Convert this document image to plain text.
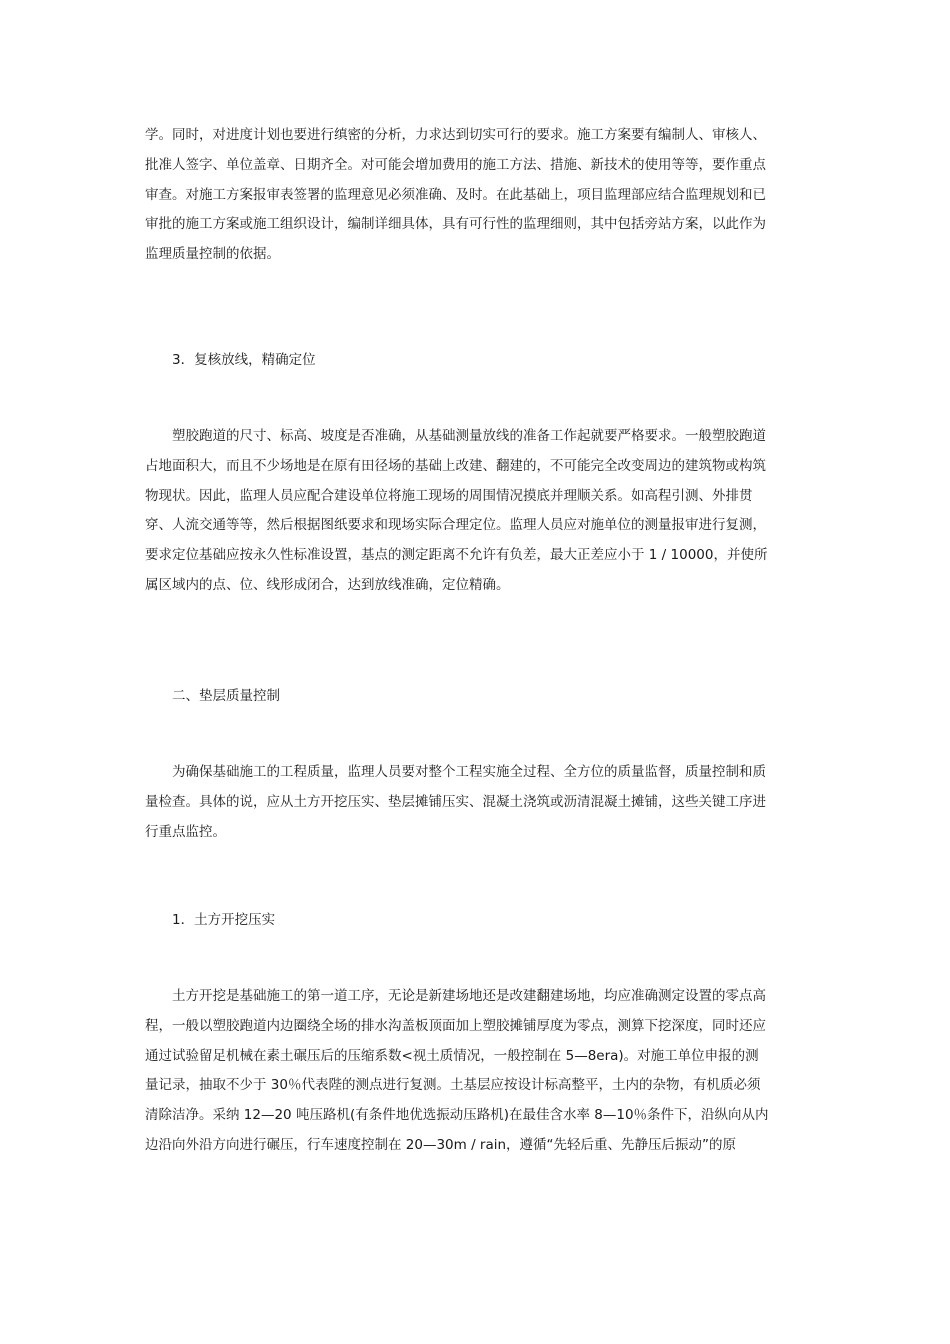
学。同时，对进度计划也要进行缜密的分析，力求达到切实可行的要求。施工方案要有编制人、审核人、

批准人签字、单位盖章、日期齐全。对可能会增加费用的施工方法、措施、新技术的使用等等，要作重点

审查。对施工方案报审表签署的监理意见必须准确、及时。在此基础上，项目监理部应结合监理规划和已

审批的施工方案或施工组织设计，编制详细具体，具有可行性的监理细则，其中包括旁站方案，以此作为

监理质量控制的依据。

3．复核放线，精确定位

　　塑胶跑道的尺寸、标高、坡度是否准确，从基础测量放线的准备工作起就要严格要求。一般塑胶跑道

占地面积大，而且不少场地是在原有田径场的基础上改建、翻建的，不可能完全改变周边的建筑物或构筑

物现状。因此，监理人员应配合建设单位将施工现场的周围情况摸底并理顺关系。如高程引测、外排贯

穿、人流交通等等，然后根据图纸要求和现场实际合理定位。监理人员应对施单位的测量报审进行复测，

要求定位基础应按永久性标准设置，基点的测定距离不允许有负差，最大正差应小于 1 / 10000，并使所

属区域内的点、位、线形成闭合，达到放线准确，定位精确。

二、垫层质量控制

　　为确保基础施工的工程质量，监理人员要对整个工程实施全过程、全方位的质量监督，质量控制和质

量检查。具体的说，应从土方开挖压实、垫层摊铺压实、混凝土浇筑或沥清混凝土摊铺，这些关键工序进

行重点监控。

1．土方开挖压实

　　土方开挖是基础施工的第一道工序，无论是新建场地还是改建翻建场地，均应准确测定设置的零点高

程，一般以塑胶跑道内边圈绕全场的排水沟盖板顶面加上塑胶摊铺厚度为零点，测算下挖深度，同时还应

通过试验留足机械在素土碾压后的压缩系数<视土质情况，一般控制在 5—8era)。对施工单位申报的测

量记录，抽取不少于 30％代表陛的测点进行复测。土基层应按设计标高整平，土内的杂物，有机质必须

清除洁净。采纳 12—20 吨压路机(有条件地优选振动压路机)在最佳含水率 8—10％条件下，沿纵向从内

边沿向外沿方向进行碾压，行车速度控制在 20—30m / rain，遵循“先轻后重、先静压后振动”的原
